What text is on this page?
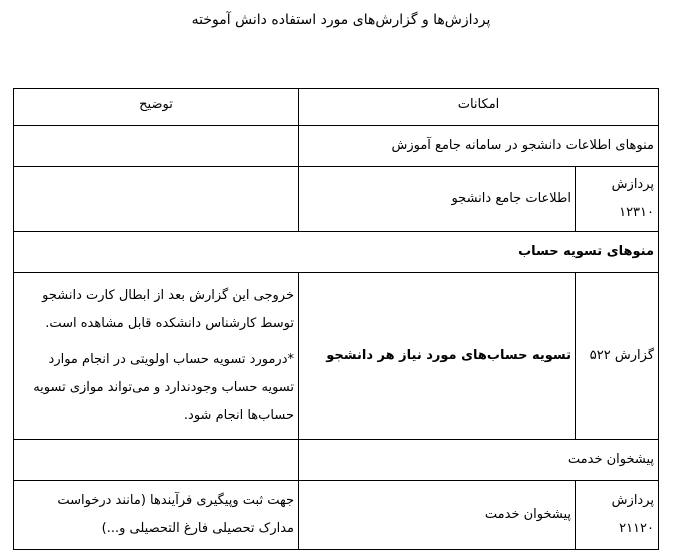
پردازش‌ها و گزارش‌های مورد استفاده دانش آموخته
امکانات		توضیح
منوهای اطلاعات دانشجو در سامانه جامع آموزش		
پردازش ۱۲۳۱۰	اطلاعات جامع دانشجو	
منوهای تسویه حساب		
گزارش ۵۲۲	تسویه حساب‌های مورد نیاز هر دانشجو	خروجی این گزارش بعد از ابطال کارت دانشجو توسط کارشناس دانشکده قابل مشاهده است.

*درمورد تسویه حساب اولویتی در انجام موارد تسویه حساب وجودندارد و می‌تواند موازی تسویه حساب‌ها انجام شود.

پیشخوان خدمت		
پردازش ۲۱۱۲۰	پیشخوان خدمت	جهت ثبت وپیگیری فرآیندها (مانند درخواست مدارک تحصیلی فارغ التحصیلی و...)
